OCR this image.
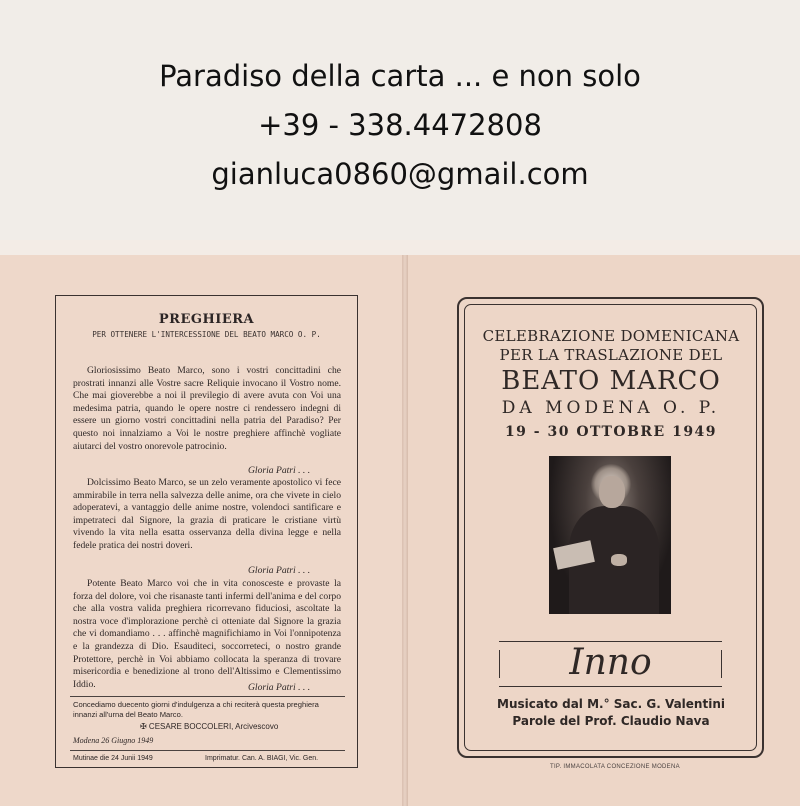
Paradiso della carta ... e non solo
+39 - 338.4472808
gianluca0860@gmail.com
PREGHIERA
PER OTTENERE L'INTERCESSIONE DEL BEATO MARCO O. P.

Gloriosissimo Beato Marco, sono i vostri concittadini che prostrati innanzi alle Vostre sacre Reliquie invocano il Vostro nome. Che mai gioverebbe a noi il previlegio di avere avuta con Voi una medesima patria, quando le opere nostre ci rendessero indegni di essere un giorno vostri concittadini nella patria del Paradiso? Per questo noi innalziamo a Voi le nostre preghiere affinchè vogliate aiutarci del vostro onorevole patrocinio.

Gloria Patri . . .

Dolcissimo Beato Marco, se un zelo veramente apostolico vi fece ammirabile in terra nella salvezza delle anime, ora che vivete in cielo adoperatevi, a vantaggio delle anime nostre, volendoci santificare e impetrateci dal Signore, la grazia di praticare le cristiane virtù vivendo la vita nella esatta osservanza della divina legge e nella fedele pratica dei nostri doveri.

Gloria Patri . . .

Potente Beato Marco voi che in vita conosceste e provaste la forza del dolore, voi che risanaste tanti infermi dell'anima e del corpo che alla vostra valida preghiera ricorrevano fiduciosi, ascoltate la nostra voce d'implorazione perchè ci otteniate dal Signore la grazia che vi domandiamo . . . affinchè magnifichiamo in Voi l'onnipotenza e la grandezza di Dio. Esauditeci, soccorreteci, o nostro grande Protettore, perchè in Voi abbiamo collocata la speranza di trovare misericordia e benedizione al trono dell'Altissimo e Clementissimo Iddio.	Gloria Patri . . .
Concediamo duecento giorni d'indulgenza a chi reciterà questa preghiera innanzi all'urna del Beato Marco.
✠ CESARE BOCCOLERI, Arcivescovo
Modena 26 Giugno 1949
Mutinae die 24 Junii 1949	Imprimatur. Can. A. BIAGI, Vic. Gen.
CELEBRAZIONE DOMENICANA
PER LA TRASLAZIONE DEL
BEATO MARCO
DA MODENA O. P.
19 - 30 OTTOBRE 1949
Inno
Musicato dal M.° Sac. G. Valentini
Parole del Prof. Claudio Nava
TIP. IMMACOLATA CONCEZIONE MODENA
